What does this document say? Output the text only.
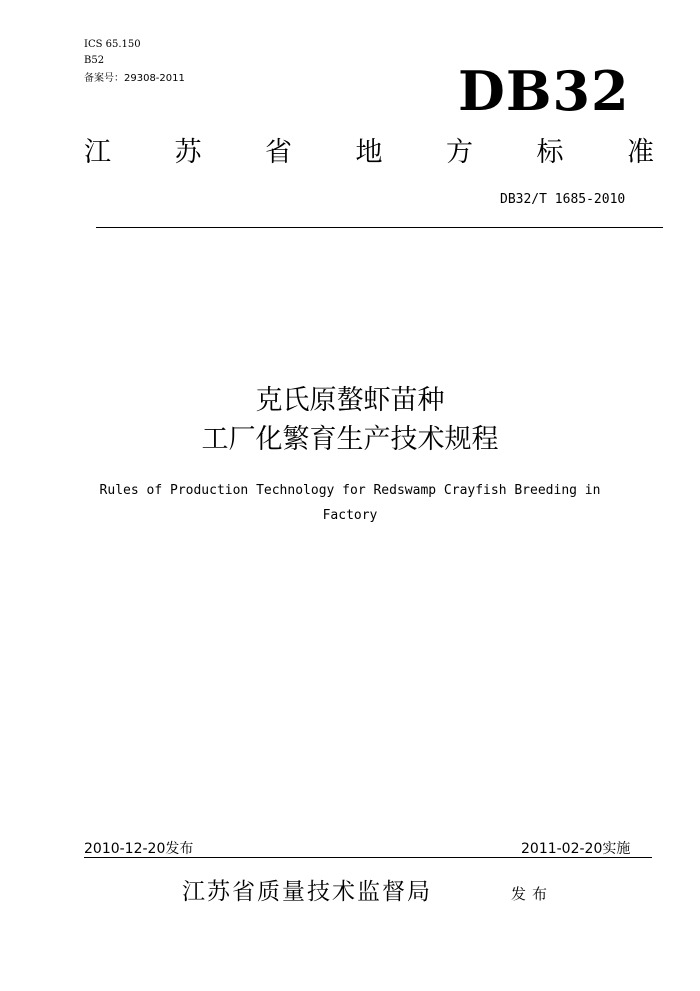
ICS 65.150
B52
备案号：29308-2011	DB32
江 苏 省 地 方 标 准
DB32/T 1685-2010
克氏原螯虾苗种
工厂化繁育生产技术规程
Rules of Production Technology for Redswamp Crayfish Breeding in
Factory
2010-12-20发布	2011-02-20实施
江苏省质量技术监督局	发布
